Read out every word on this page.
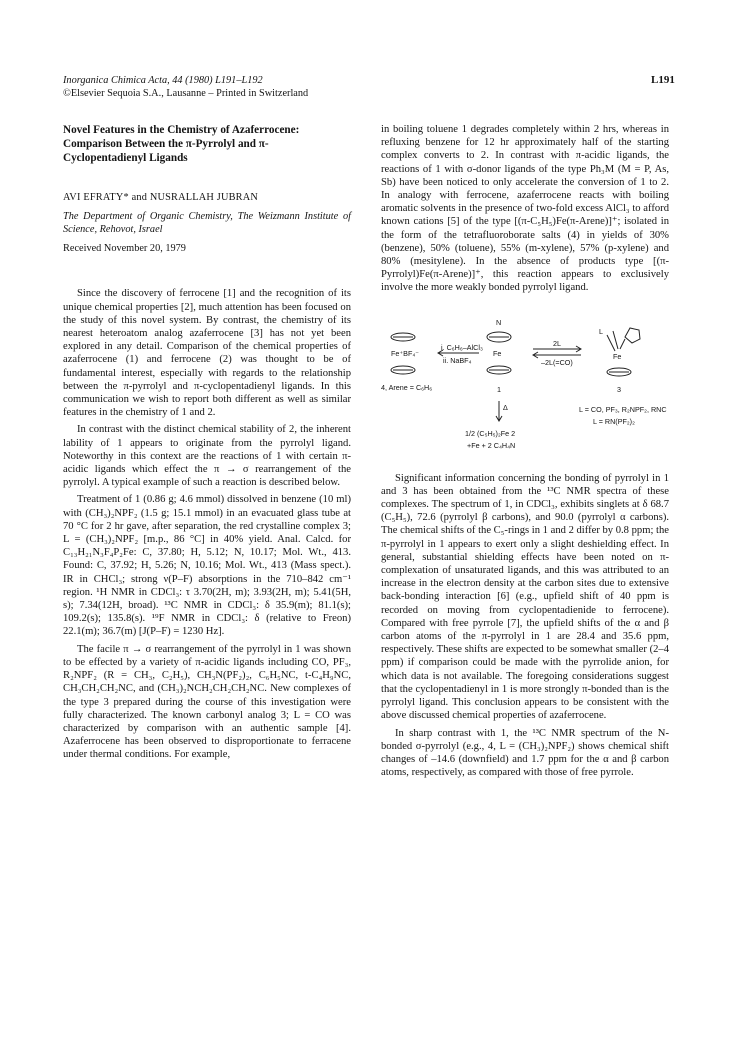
Inorganica Chimica Acta, 44 (1980) L191–L192
©Elsevier Sequoia S.A., Lausanne – Printed in Switzerland
L191
Novel Features in the Chemistry of Azaferrocene: Comparison Between the π-Pyrrolyl and π-Cyclopentadienyl Ligands
AVI EFRATY* and NUSRALLAH JUBRAN
The Department of Organic Chemistry, The Weizmann Institute of Science, Rehovot, Israel
Received November 20, 1979

Since the discovery of ferrocene [1] and the recognition of its unique chemical properties [2], much attention has been focused on the study of this novel system. By contrast, the chemistry of its nearest heteroatom analog azaferrocene [3] has not yet been explored in any detail. Comparison of the chemical properties of azaferrocene (1) and ferrocene (2) was thought to be of fundamental interest, especially with regards to the relationship between the π-pyrrolyl and π-cyclopentadienyl ligands. In this communication we wish to report both different as well as similar features in the chemistry of 1 and 2.

In contrast with the distinct chemical stability of 2, the inherent lability of 1 appears to originate from the pyrrolyl ligand. Noteworthy in this context are the reactions of 1 with certain π-acidic ligands which effect the π → σ rearrangement of the pyrrolyl. A typical example of such a reaction is described below.

Treatment of 1 (0.86 g; 4.6 mmol) dissolved in benzene (10 ml) with (CH₃)₂NPF₂ (1.5 g; 15.1 mmol) in an evacuated glass tube at 70 °C for 2 hr gave, after separation, the red crystalline complex 3; L = (CH₃)₂NPF₂ [m.p., 86 °C] in 40% yield. Anal. Calcd. for C₁₃H₂₁N₃F₄P₂Fe: C, 37.80; H, 5.12; N, 10.17; Mol. Wt., 413. Found: C, 37.92; H, 5.26; N, 10.16; Mol. Wt., 413 (Mass spect.). IR in CHCl₃; strong ν(P–F) absorptions in the 710–842 cm⁻¹ region. ¹H NMR in CDCl₃: τ 3.70(2H, m); 3.93(2H, m); 5.41(5H, s); 7.34(12H, broad). ¹³C NMR in CDCl₃: δ 35.9(m); 81.1(s); 109.2(s); 135.8(s). ¹⁹F NMR in CDCl₃: δ (relative to Freon) 22.1(m); 36.7(m) [J(P–F) = 1230 Hz].

The facile π → σ rearrangement of the pyrrolyl in 1 was shown to be effected by a variety of π-acidic ligands including CO, PF₃, R₂NPF₂ (R = CH₃, C₂H₅), CH₃N(PF₂)₂, C₆H₅NC, t-C₄H₉NC, CH₃CH₂CH₂NC, and (CH₃)₂NCH₂CH₂CH₂NC. New complexes of the type 3 prepared during the course of this investigation were fully characterized. The known carbonyl analog 3; L = CO was characterized by comparison with an authentic sample [4]. Azaferrocene has been observed to disproportionate to ferracene under thermal conditions. For example,

in boiling toluene 1 degrades completely within 2 hrs, whereas in refluxing benzene for 12 hr approximately half of the starting complex converts to 2. In contrast with π-acidic ligands, the reactions of 1 with σ-donor ligands of the type Ph₃M (M = P, As, Sb) have been noticed to only accelerate the conversion of 1 to 2. In analogy with ferrocene, azaferrocene reacts with boiling aromatic solvents in the presence of two-fold excess AlCl₃ to afford known cations [5] of the type [(π-C₅H₅)Fe(π-Arene)]⁺; isolated in the form of the tetrafluoroborate salts (4) in yields of 30% (benzene), 50% (toluene), 55% (m-xylene), 57% (p-xylene) and 80% (mesitylene). In the absence of products type [(π-Pyrrolyl)Fe(π-Arene)]⁺, this reaction appears to exclusively involve the more weakly bonded pyrrolyl ligand.

Fe⁺BF₄⁻
i. C₆H₆–AlCl₃
ii. NaBF₄
4, Arene = C₆H₆
N
Fe
1
2L
–2L(=CO)
L
Fe
3
Δ	L = CO, PF₃, R₂NPF₂, RNC
L = RN(PF₂)₂
1/2 (C₅H₅)₂Fe 2
+Fe + 2 C₄H₄N

Significant information concerning the bonding of pyrrolyl in 1 and 3 has been obtained from the ¹³C NMR spectra of these complexes. The spectrum of 1, in CDCl₃, exhibits singlets at δ 68.7 (C₅H₅), 72.6 (pyrrolyl β carbons), and 90.0 (pyrrolyl α carbons). The chemical shifts of the C₅-rings in 1 and 2 differ by 0.8 ppm; the π-pyrrolyl in 1 appears to exert only a slight deshielding effect. In general, substantial shielding effects have been noted on π-complexation of unsaturated ligands, and this was attributed to an increase in the electron density at the carbon sites due to extensive back-bonding interaction [6] (e.g., upfield shift of 40 ppm is recorded on moving from cyclopentadienide to ferrocene). Compared with free pyrrole [7], the upfield shifts of the α and β carbon atoms of the π-pyrrolyl in 1 are 28.4 and 35.6 ppm, respectively. These shifts are expected to be somewhat smaller (2–4 ppm) if comparison could be made with the pyrrolide anion, for which data is not available. The foregoing considerations suggest that the cyclopentadienyl in 1 is more strongly π-bonded than is the pyrrolyl ligand. This conclusion appears to be consistent with the above discussed chemical properties of azaferrocene.

In sharp contrast with 1, the ¹³C NMR spectrum of the N-bonded σ-pyrrolyl (e.g., 4, L = (CH₃)₂NPF₂) shows chemical shift changes of –14.6 (downfield) and 1.7 ppm for the α and β carbon atoms, respectively, as compared with those of free pyrrole.
